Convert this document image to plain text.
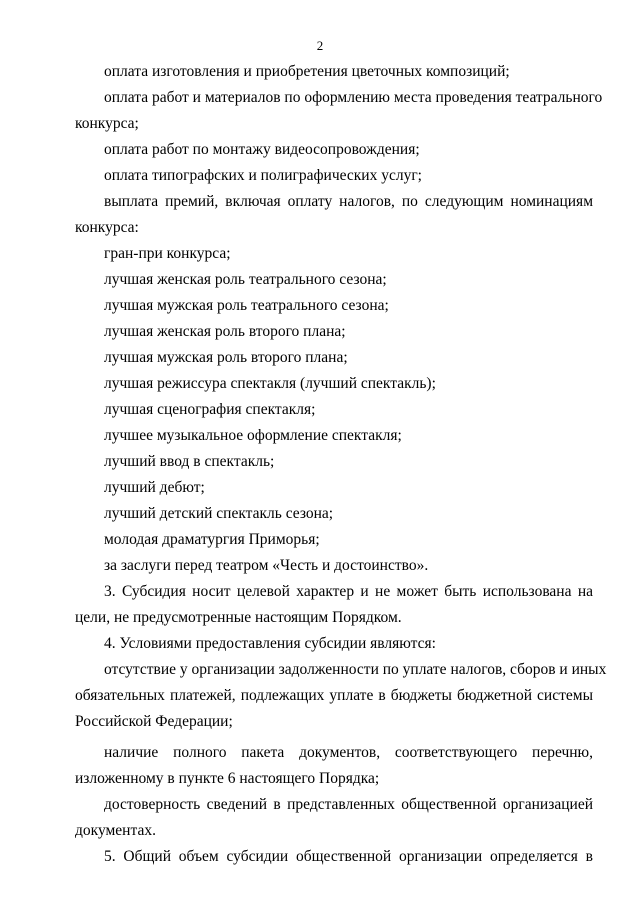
2
оплата изготовления и приобретения цветочных композиций;
оплата работ и материалов по оформлению места проведения театрального
конкурса;
оплата работ по монтажу видеосопровождения;
оплата типографских и полиграфических услуг;
выплата премий, включая оплату налогов, по следующим номинациям
конкурса:
гран-при конкурса;
лучшая женская роль театрального сезона;
лучшая мужская роль театрального сезона;
лучшая женская роль второго плана;
лучшая мужская роль второго плана;
лучшая режиссура спектакля (лучший спектакль);
лучшая сценография спектакля;
лучшее музыкальное оформление спектакля;
лучший ввод в спектакль;
лучший дебют;
лучший детский спектакль сезона;
молодая драматургия Приморья;
за заслуги перед театром «Честь и достоинство».
3. Субсидия носит целевой характер и не может быть использована на
цели, не предусмотренные настоящим Порядком.
4. Условиями предоставления субсидии являются:
отсутствие у организации задолженности по уплате налогов, сборов и иных
обязательных платежей, подлежащих уплате в бюджеты бюджетной системы
Российской Федерации;
наличие полного пакета документов, соответствующего перечню,
изложенному в пункте 6 настоящего Порядка;
достоверность сведений в представленных общественной организацией
документах.
5. Общий объем субсидии общественной организации определяется в
